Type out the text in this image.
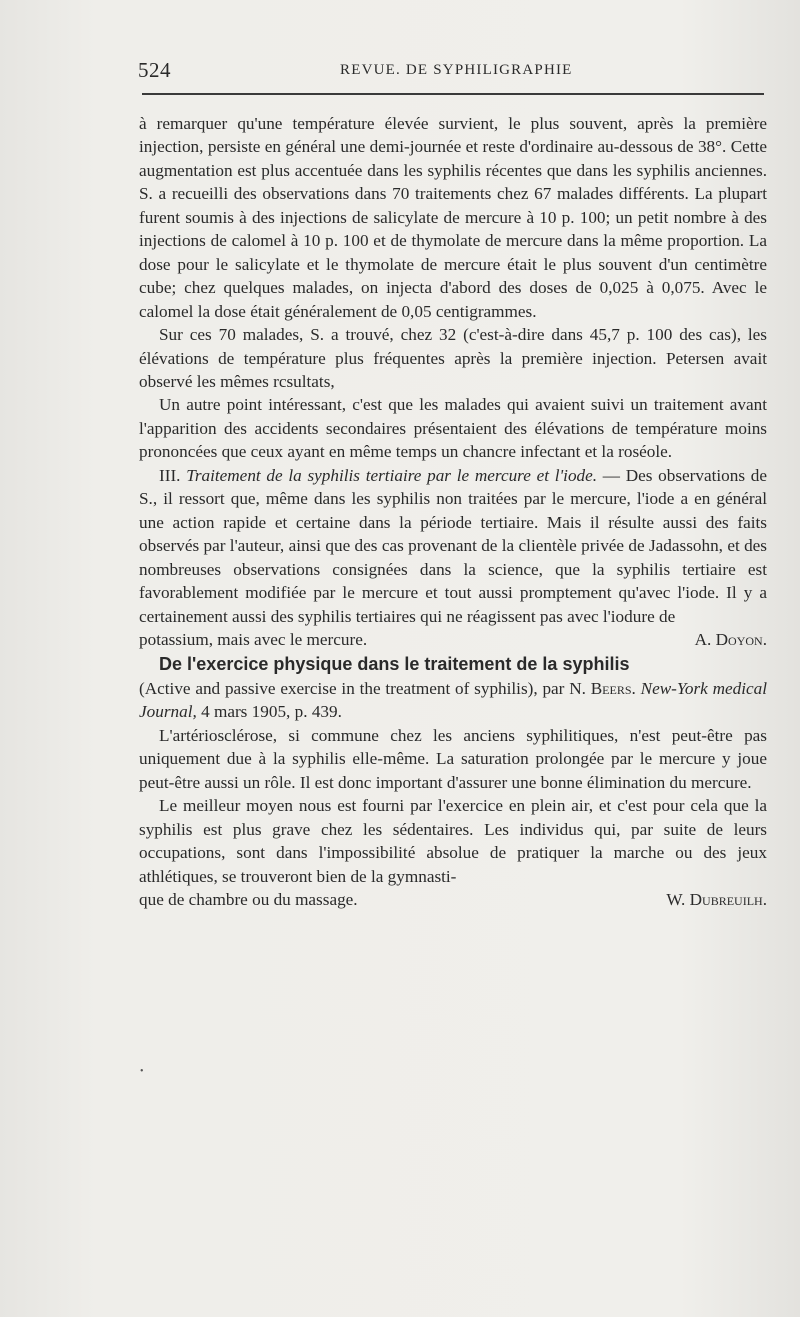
524	REVUE. DE SYPHILIGRAPHIE

à remarquer qu'une température élevée survient, le plus souvent, après la première injection, persiste en général une demi-journée et reste d'ordinaire au-dessous de 38°. Cette augmentation est plus accentuée dans les syphilis récentes que dans les syphilis anciennes. S. a recueilli des observations dans 70 traitements chez 67 malades différents. La plupart furent soumis à des injections de salicylate de mercure à 10 p. 100; un petit nombre à des injections de calomel à 10 p. 100 et de thymolate de mercure dans la même proportion. La dose pour le salicylate et le thymolate de mercure était le plus souvent d'un centimètre cube; chez quelques malades, on injecta d'abord des doses de 0,025 à 0,075. Avec le calomel la dose était généralement de 0,05 centigrammes.

Sur ces 70 malades, S. a trouvé, chez 32 (c'est-à-dire dans 45,7 p. 100 des cas), les élévations de température plus fréquentes après la première injection. Petersen avait observé les mêmes rcsultats,

Un autre point intéressant, c'est que les malades qui avaient suivi un traitement avant l'apparition des accidents secondaires présentaient des élévations de température moins prononcées que ceux ayant en même temps un chancre infectant et la roséole.

III. Traitement de la syphilis tertiaire par le mercure et l'iode. — Des observations de S., il ressort que, même dans les syphilis non traitées par le mercure, l'iode a en général une action rapide et certaine dans la période tertiaire. Mais il résulte aussi des faits observés par l'auteur, ainsi que des cas provenant de la clientèle privée de Jadassohn, et des nombreuses observations consignées dans la science, que la syphilis tertiaire est favorablement modifiée par le mercure et tout aussi promptement qu'avec l'iode. Il y a certainement aussi des syphilis tertiaires qui ne réagissent pas avec l'iodure de

potassium, mais avec le mercure.	A. Doyon.
De l'exercice physique dans le traitement de la syphilis

(Active and passive exercise in the treatment of syphilis), par N. Beers. New-York medical Journal, 4 mars 1905, p. 439.

L'artériosclérose, si commune chez les anciens syphilitiques, n'est peut-être pas uniquement due à la syphilis elle-même. La saturation prolongée par le mercure y joue peut-être aussi un rôle. Il est donc important d'assurer une bonne élimination du mercure.

Le meilleur moyen nous est fourni par l'exercice en plein air, et c'est pour cela que la syphilis est plus grave chez les sédentaires. Les individus qui, par suite de leurs occupations, sont dans l'impossibilité absolue de pratiquer la marche ou des jeux athlétiques, se trouveront bien de la gymnasti-

que de chambre ou du massage.	W. Dubreuilh.
•
